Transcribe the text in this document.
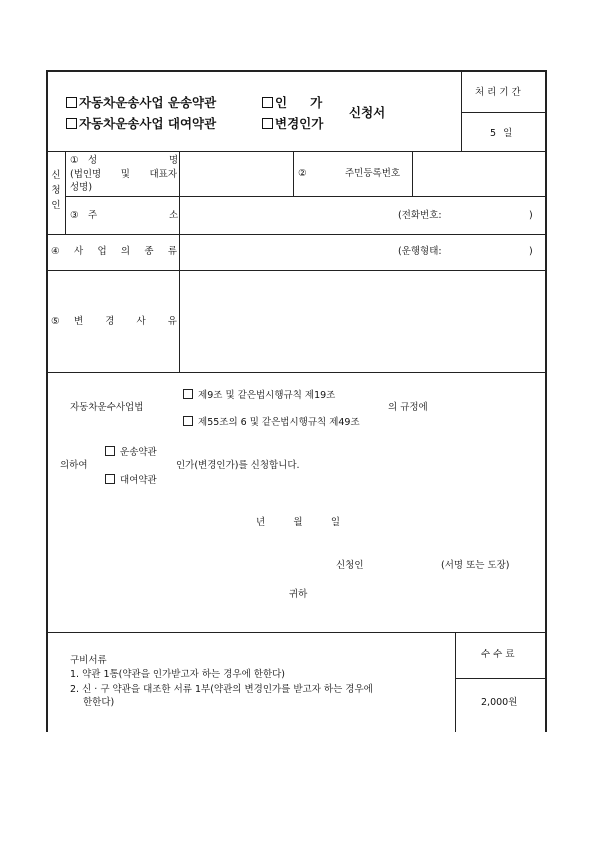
자동차운송사업 운송약관
자동차운송사업 대여약관
인 가
변경인가
신청서
처리기간
5 일
신청인
① 성	명
(법인명 및 대표자
성명)
②	주민등록번호
③ 주	소	(전화번호:	)
④ 사 업 의 종 류	(운행형태:	)
⑤ 변 경 사 유
자동차운수사업법
제9조 및 같은법시행규칙 제19조
제55조의 6 및 같은법시행규칙 제49조
의 규정에
의하여
운송약관
대여약관
인가(변경인가)를 신청합니다.
년	월	일
신청인	(서명 또는 도장)
귀하
구비서류
1. 약관 1통(약관을 인가받고자 하는 경우에 한한다)
2. 신 · 구 약관을 대조한 서류 1부(약관의 변경인가를 받고자 하는 경우에
한한다)
수수료
2,000원
